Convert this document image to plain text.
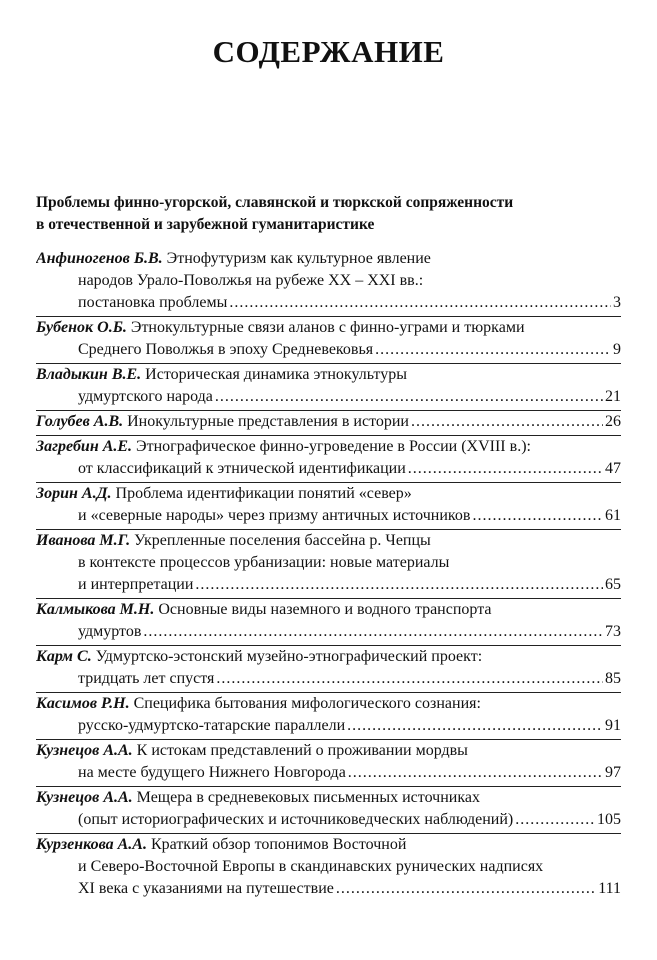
СОДЕРЖАНИЕ
Проблемы финно-угорской, славянской и тюркской сопряженности
в отечественной и зарубежной гуманитаристике
Анфиногенов Б.В. Этнофутуризм как культурное явление
народов Урало-Поволжья на рубеже XX – XXI вв.:
постановка проблемы .....	3
Бубенок О.Б. Этнокультурные связи аланов с финно-уграми и тюрками
Среднего Поволжья в эпоху Средневековья .....	9
Владыкин В.Е. Историческая динамика этнокультуры
удмуртского народа .....	21
Голубев А.В. Инокультурные представления в истории .....	26
Загребин А.Е. Этнографическое финно-угроведение в России (XVIII в.):
от классификаций к этнической идентификации .....	47
Зорин А.Д. Проблема идентификации понятий «север»
и «северные народы» через призму античных источников .....	61
Иванова М.Г. Укрепленные поселения бассейна р. Чепцы
в контексте процессов урбанизации: новые материалы
и интерпретации .....	65
Калмыкова М.Н. Основные виды наземного и водного транспорта
удмуртов .....	73
Карм С. Удмуртско-эстонский музейно-этнографический проект:
тридцать лет спустя .....	85
Касимов Р.Н. Специфика бытования мифологического сознания:
русско-удмуртско-татарские параллели .....	91
Кузнецов А.А. К истокам представлений о проживании мордвы
на месте будущего Нижнего Новгорода .....	97
Кузнецов А.А. Мещера в средневековых письменных источниках
(опыт историографических и источниковедческих наблюдений) .....	105
Курзенкова А.А. Краткий обзор топонимов Восточной
и Северо-Восточной Европы в скандинавских рунических надписях
XI века с указаниями на путешествие .....	111
